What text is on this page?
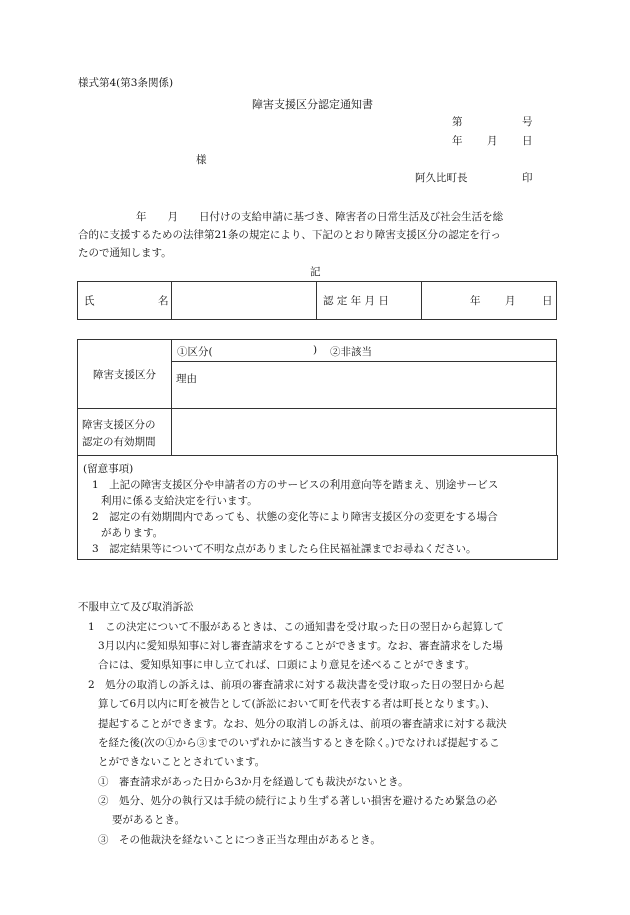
様式第4(第3条関係)
障害支援区分認定通知書
第	号
年 月 日
様
阿久比町長	印
年　　月　　日付けの支給申請に基づき、障害者の日常生活及び社会生活を総
合的に支援するための法律第21条の規定により、下記のとおり障害支援区分の認定を行っ
たので通知します。
記
氏	名		認 定 年 月 日	年 月	日
障害支援区分	①区分( ) ②非該当

	理由

障害支援区分の
認定の有効期間	

(留意事項)
1　上記の障害支援区分や申請者の方のサービスの利用意向等を踏まえ、別途サービス
利用に係る支給決定を行います。
2　認定の有効期間内であっても、状態の変化等により障害支援区分の変更をする場合
があります。
3　認定結果等について不明な点がありましたら住民福祉課までお尋ねください。
不服申立て及び取消訴訟
1　この決定について不服があるときは、この通知書を受け取った日の翌日から起算して
3月以内に愛知県知事に対し審査請求をすることができます。なお、審査請求をした場
合には、愛知県知事に申し立てれば、口頭により意見を述べることができます。
2　処分の取消しの訴えは、前項の審査請求に対する裁決書を受け取った日の翌日から起
算して6月以内に町を被告として(訴訟において町を代表する者は町長となります。)、
提起することができます。なお、処分の取消しの訴えは、前項の審査請求に対する裁決
を経た後(次の①から③までのいずれかに該当するときを除く。)でなければ提起するこ
とができないこととされています。
①　審査請求があった日から3か月を経過しても裁決がないとき。
②　処分、処分の執行又は手続の続行により生ずる著しい損害を避けるため緊急の必
要があるとき。
③　その他裁決を経ないことにつき正当な理由があるとき。
